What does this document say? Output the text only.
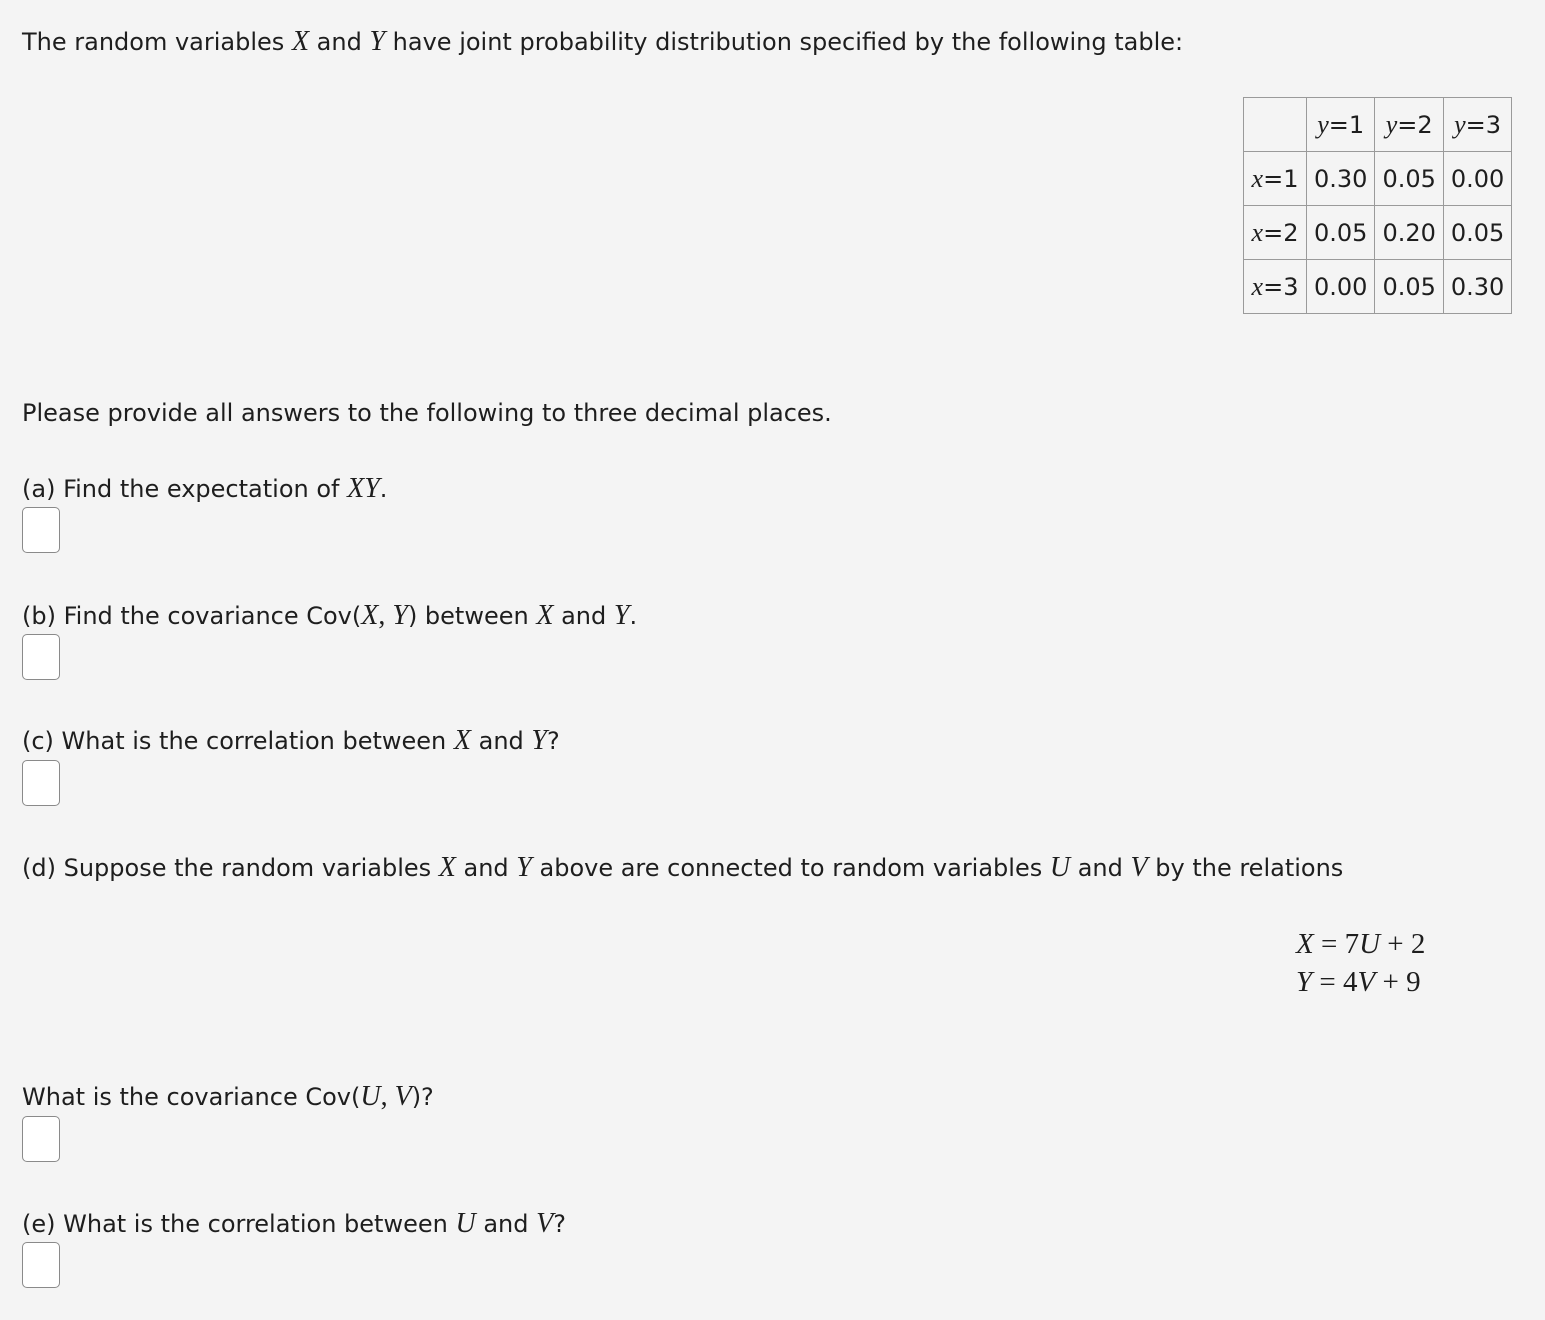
The random variables X and Y have joint probability distribution specified by the following table:
	y=1	y=2	y=3
x=1	0.30	0.05	0.00
x=2	0.05	0.20	0.05
x=3	0.00	0.05	0.30
Please provide all answers to the following to three decimal places.
(a) Find the expectation of XY.
(b) Find the covariance Cov(X, Y) between X and Y.
(c) What is the correlation between X and Y?
(d) Suppose the random variables X and Y above are connected to random variables U and V by the relations
X = 7U + 2
Y = 4V + 9
What is the covariance Cov(U, V)?
(e) What is the correlation between U and V?
